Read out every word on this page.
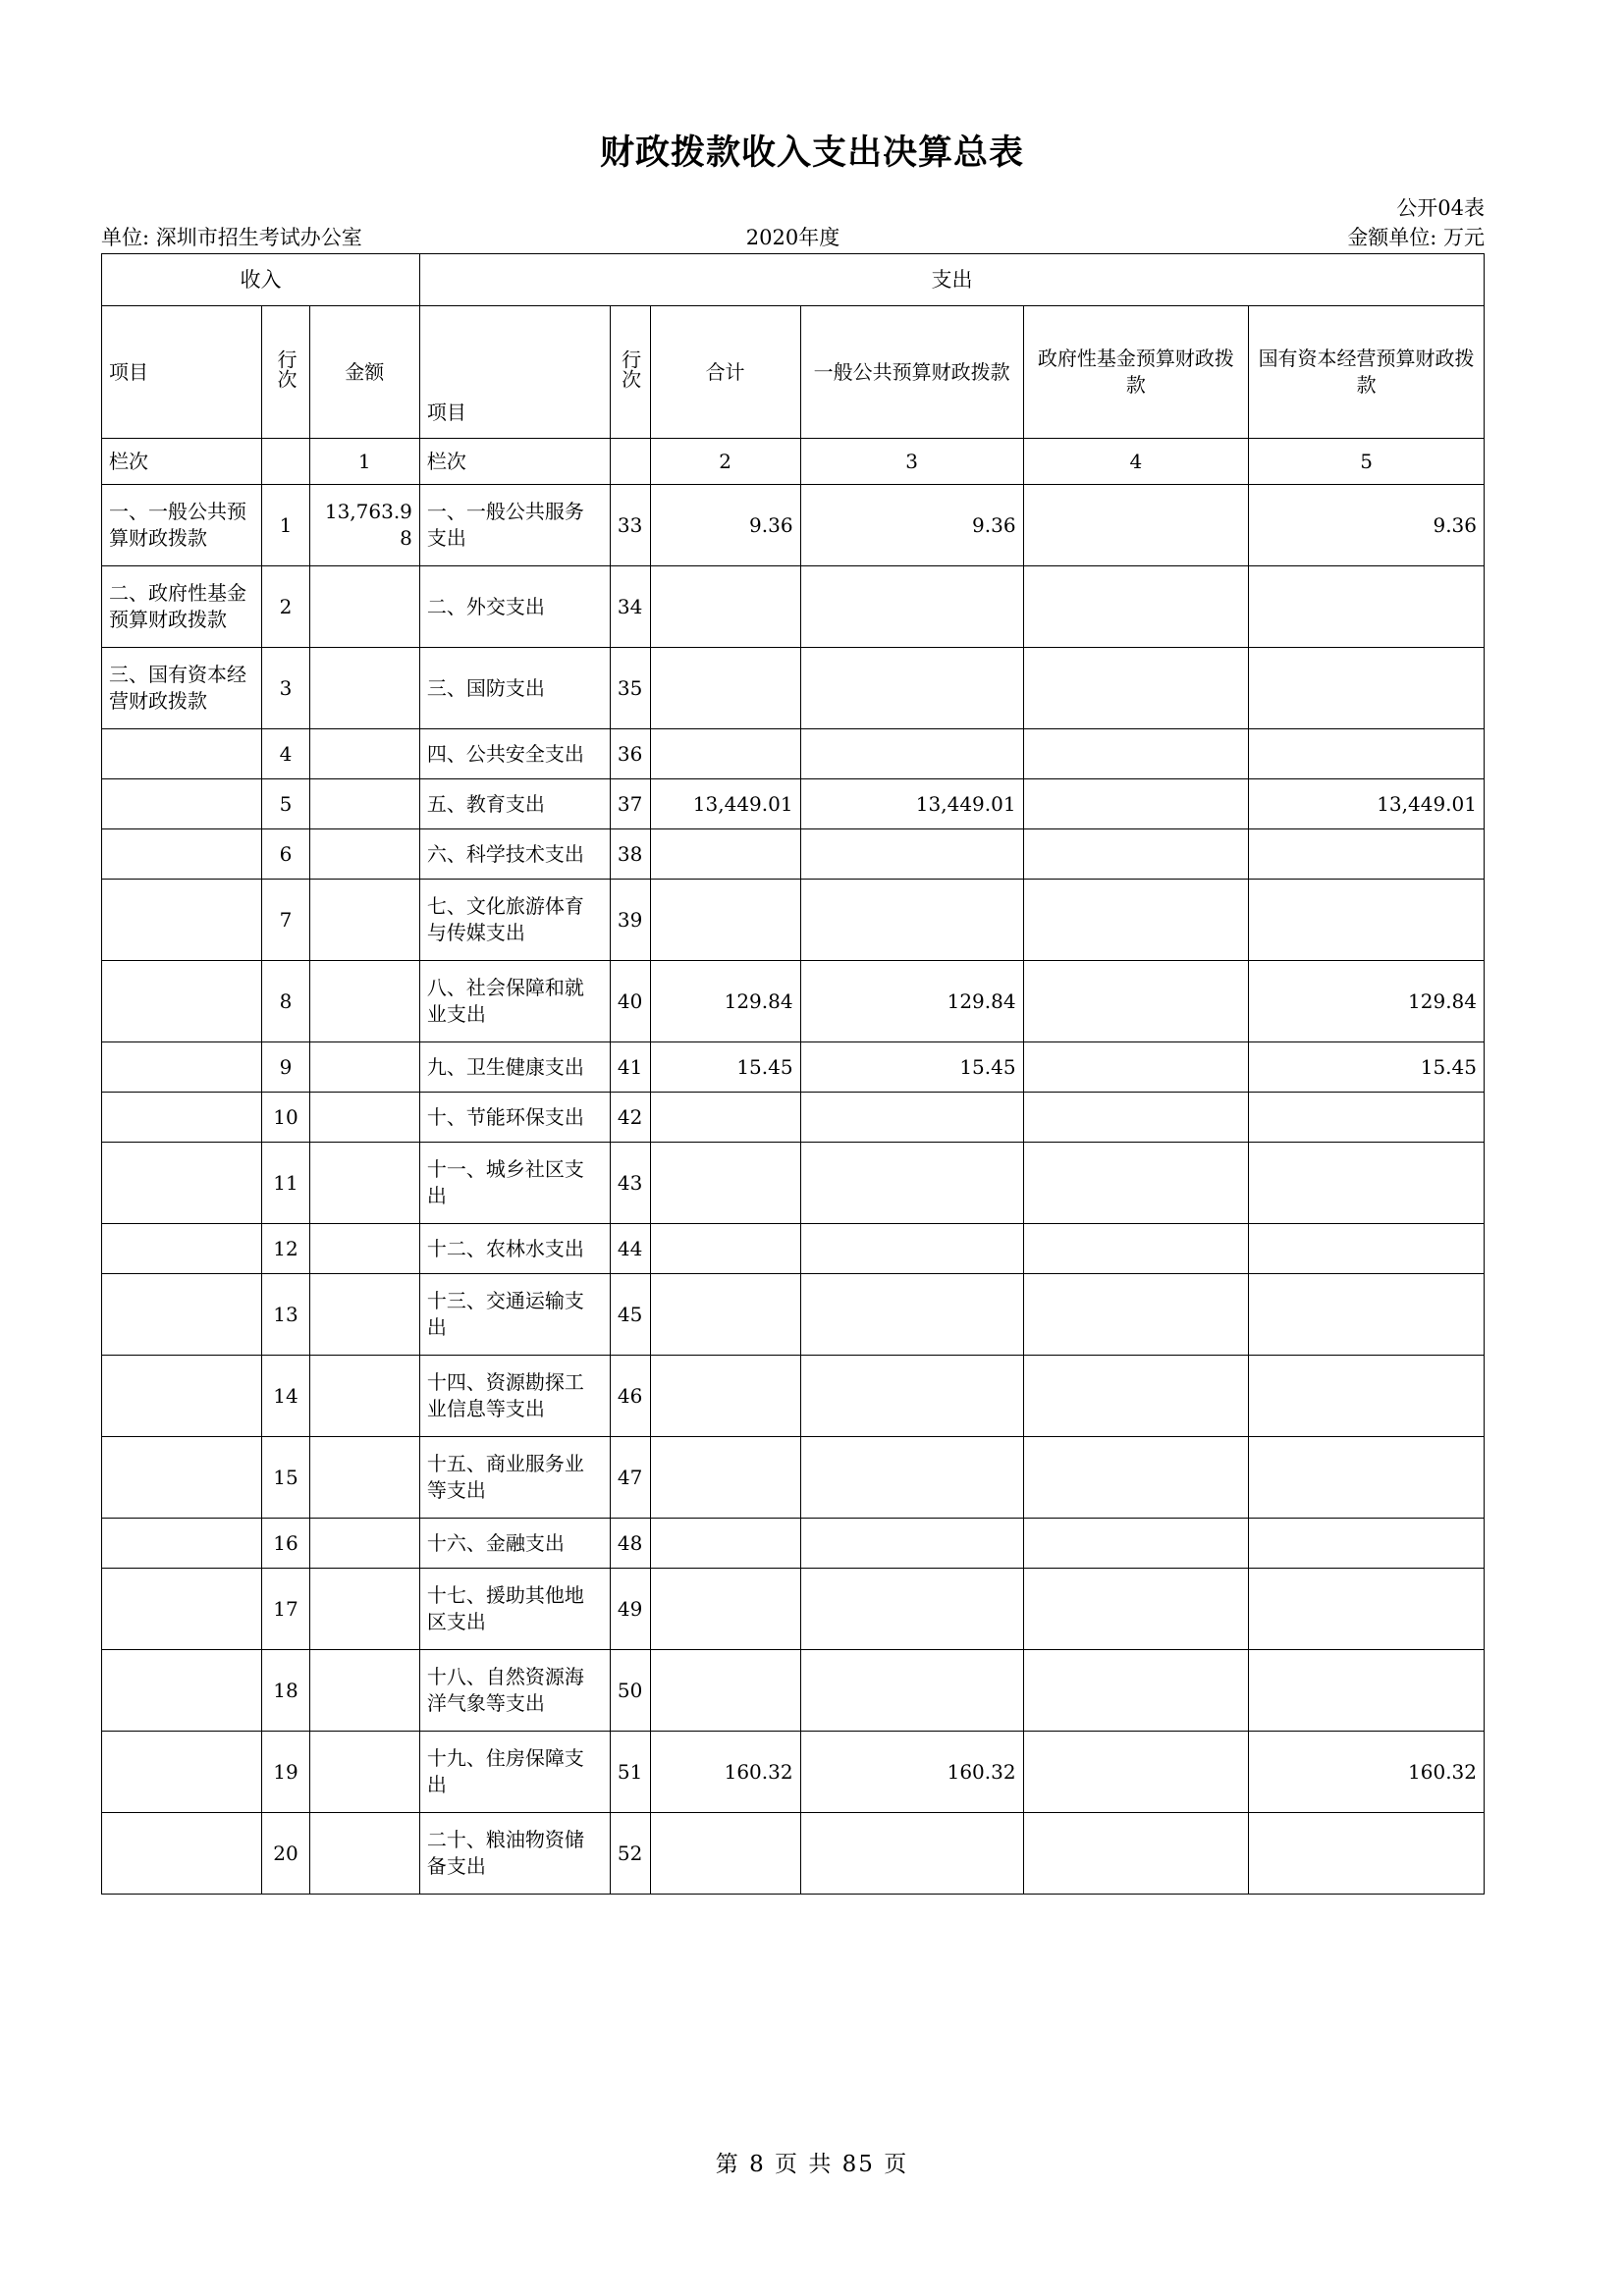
财政拨款收入支出决算总表
公开04表
单位: 深圳市招生考试办公室	2020年度	金额单位: 万元
收入			支出					
项目	行次	金额	项目	行次	合计	一般公共预算财政拨款	政府性基金预算财政拨款	国有资本经营预算财政拨款
栏次		1	栏次		2	3	4	5
一、一般公共预算财政拨款	1	13,763.98	一、一般公共服务支出	33	9.36	9.36		9.36
二、政府性基金预算财政拨款	2		二、外交支出	34				
三、国有资本经营财政拨款	3		三、国防支出	35				
	4		四、公共安全支出	36				
	5		五、教育支出	37	13,449.01	13,449.01		13,449.01
	6		六、科学技术支出	38				
	7		七、文化旅游体育与传媒支出	39				
	8		八、社会保障和就业支出	40	129.84	129.84		129.84
	9		九、卫生健康支出	41	15.45	15.45		15.45
	10		十、节能环保支出	42				
	11		十一、城乡社区支出	43				
	12		十二、农林水支出	44				
	13		十三、交通运输支出	45				
	14		十四、资源勘探工业信息等支出	46				
	15		十五、商业服务业等支出	47				
	16		十六、金融支出	48				
	17		十七、援助其他地区支出	49				
	18		十八、自然资源海洋气象等支出	50				
	19		十九、住房保障支出	51	160.32	160.32		160.32
	20		二十、粮油物资储备支出	52				
第 8 页 共 85 页
